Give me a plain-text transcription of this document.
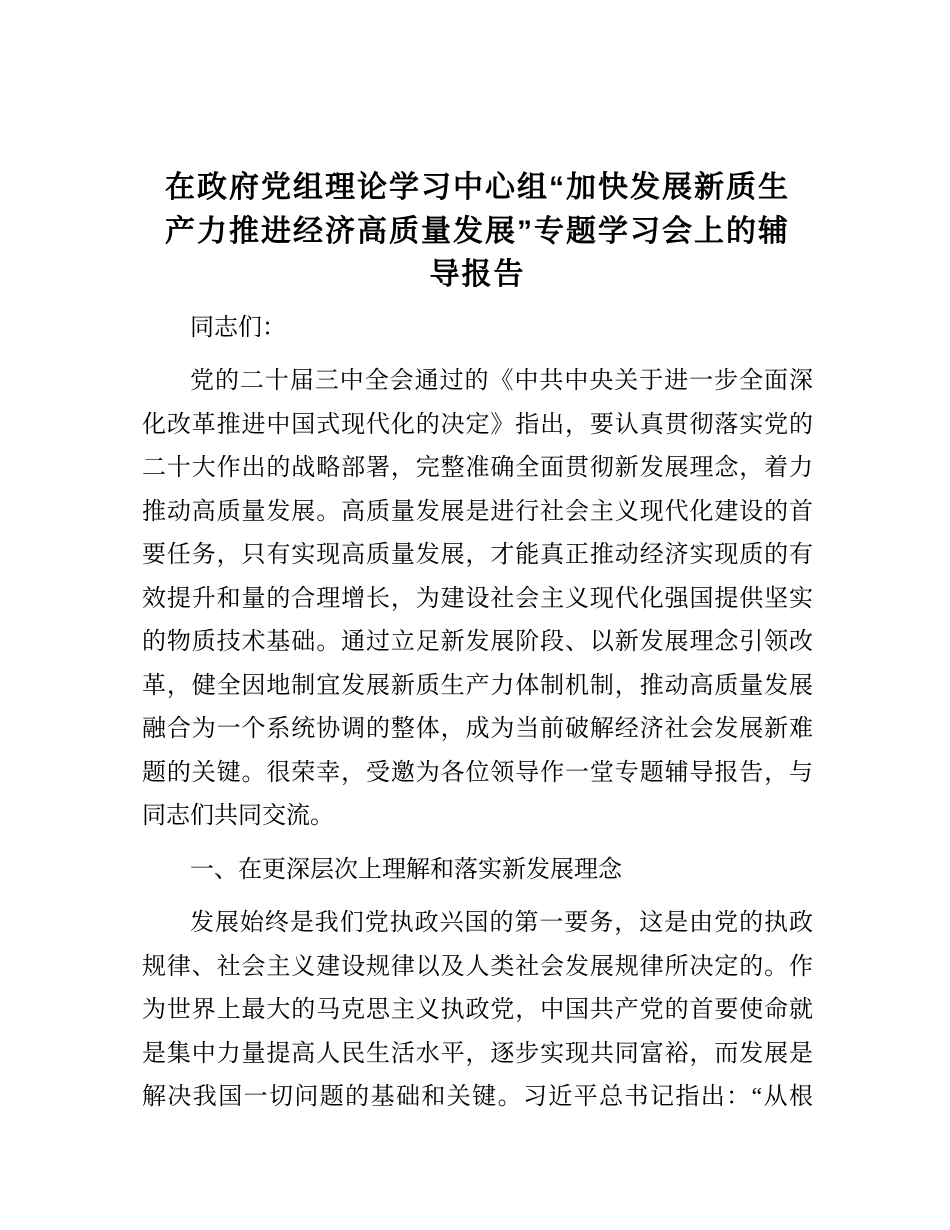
在政府党组理论学习中心组“加快发展新质生
产力推进经济高质量发展”专题学习会上的辅
导报告
同志们：
党的二十届三中全会通过的《中共中央关于进一步全面深
化改革推进中国式现代化的决定》指出，要认真贯彻落实党的
二十大作出的战略部署，完整准确全面贯彻新发展理念，着力
推动高质量发展。高质量发展是进行社会主义现代化建设的首
要任务，只有实现高质量发展，才能真正推动经济实现质的有
效提升和量的合理增长，为建设社会主义现代化强国提供坚实
的物质技术基础。通过立足新发展阶段、以新发展理念引领改
革，健全因地制宜发展新质生产力体制机制，推动高质量发展
融合为一个系统协调的整体，成为当前破解经济社会发展新难
题的关键。很荣幸，受邀为各位领导作一堂专题辅导报告，与
同志们共同交流。
一、在更深层次上理解和落实新发展理念
发展始终是我们党执政兴国的第一要务，这是由党的执政
规律、社会主义建设规律以及人类社会发展规律所决定的。作
为世界上最大的马克思主义执政党，中国共产党的首要使命就
是集中力量提高人民生活水平，逐步实现共同富裕，而发展是
解决我国一切问题的基础和关键。习近平总书记指出：“从根
